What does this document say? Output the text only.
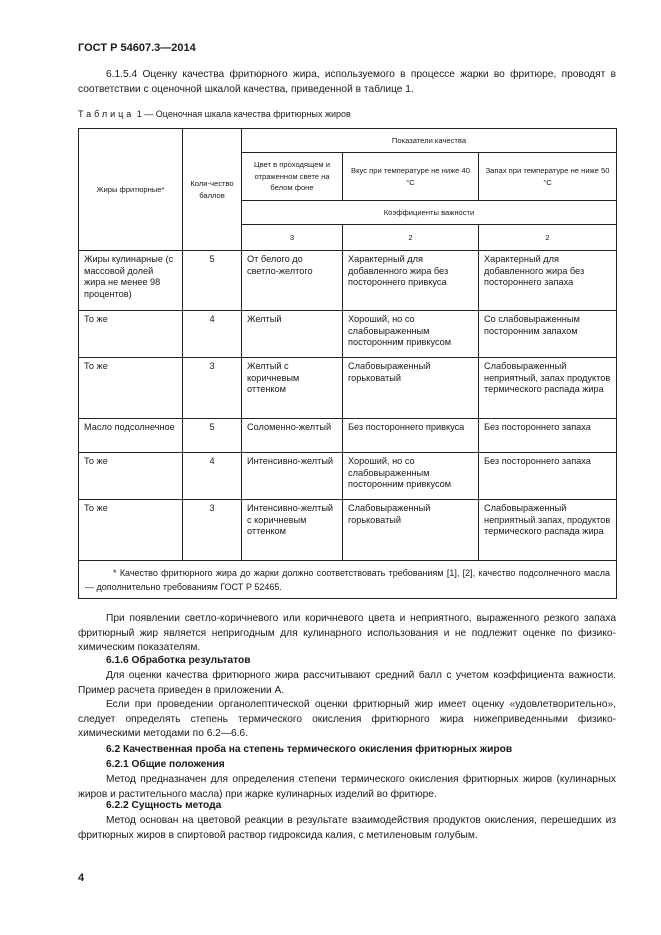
ГОСТ Р 54607.3—2014
6.1.5.4 Оценку качества фритюрного жира, используемого в процессе жарки во фритюре, проводят в соответствии с оценочной шкалой качества, приведенной в таблице 1.
Таблица 1 — Оценочная шкала качества фритюрных жиров
Жиры фритюрные*	Коли-чество баллов	Показатели качества		
		Цвет в проходящем и отраженном свете на белом фоне	Вкус при температуре не ниже 40 °С	Запах при температуре не ниже 50 °С
		Коэффициенты важности		
		3	2	2
Жиры кулинарные (с массовой долей жира не менее 98 процентов)	5	От белого до светло-желтого	Характерный для добавленного жира без постороннего привкуса	Характерный для добавленного жира без постороннего запаха
То же	4	Желтый	Хороший, но со слабовыраженным посторонним привкусом	Со слабовыраженным посторонним запахом
То же	3	Желтый с коричневым оттенком	Слабовыраженный горьковатый	Слабовыраженный неприятный, запах продуктов термического распада жира
Масло подсолнечное	5	Соломенно-желтый	Без постороннего привкуса	Без постороннего запаха
То же	4	Интенсивно-желтый	Хороший, но со слабовыраженным посторонним привкусом	Без постороннего запаха
То же	3	Интенсивно-желтый с коричневым оттенком	Слабовыраженный горьковатый	Слабовыраженный неприятный запах, продуктов термического распада жира
* Качество фритюрного жира до жарки должно соответствовать требованиям [1], [2], качество подсолнечного масла — дополнительно требованиям ГОСТ Р 52465.				
При появлении светло-коричневого или коричневого цвета и неприятного, выраженного резкого запаха фритюрный жир является непригодным для кулинарного использования и не подлежит оценке по физико-химическим показателям.
6.1.6 Обработка результатов
Для оценки качества фритюрного жира рассчитывают средний балл с учетом коэффициента важности. Пример расчета приведен в приложении А.
Если при проведении органолептической оценки фритюрный жир имеет оценку «удовлетворительно», следует определять степень термического окисления фритюрного жира нижеприведенными физико-химическими методами по 6.2—6.6.
6.2 Качественная проба на степень термического окисления фритюрных жиров
6.2.1 Общие положения
Метод предназначен для определения степени термического окисления фритюрных жиров (кулинарных жиров и растительного масла) при жарке кулинарных изделий во фритюре.
6.2.2 Сущность метода
Метод основан на цветовой реакции в результате взаимодействия продуктов окисления, перешедших из фритюрных жиров в спиртовой раствор гидроксида калия, с метиленовым голубым.
4
